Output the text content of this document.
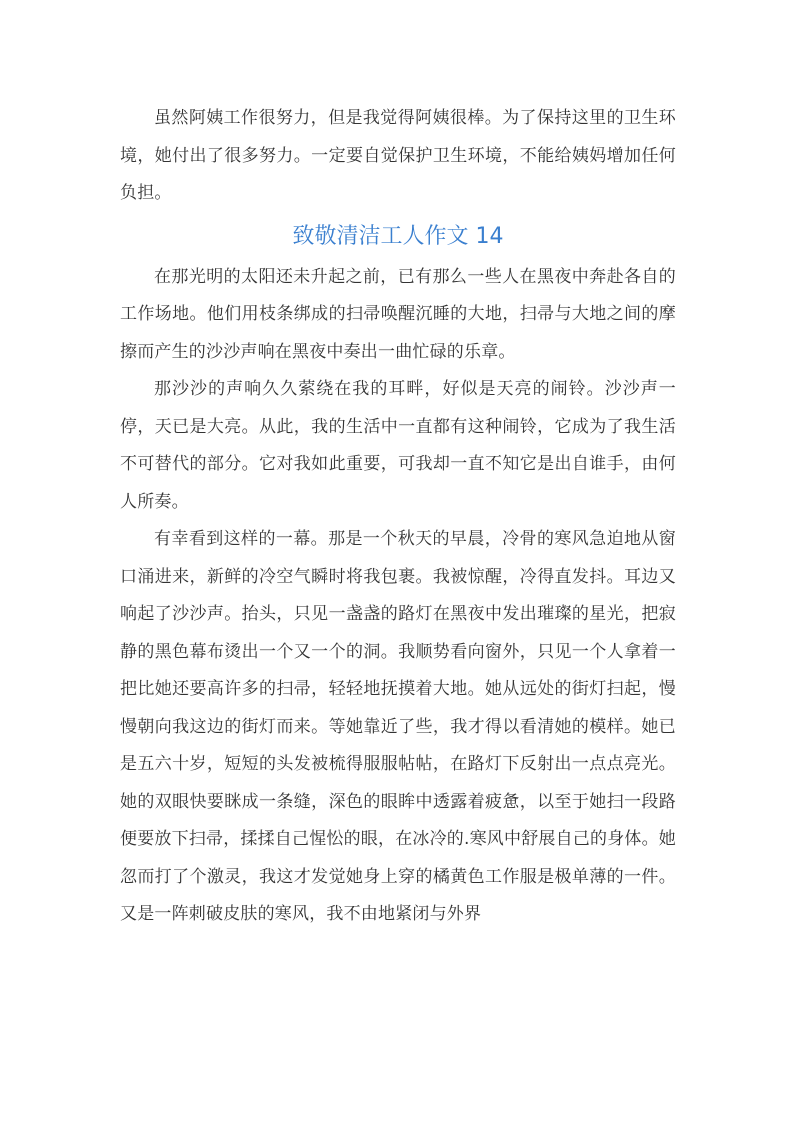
虽然阿姨工作很努力，但是我觉得阿姨很棒。为了保持这里的卫生环境，她付出了很多努力。一定要自觉保护卫生环境，不能给姨妈增加任何负担。

致敬清洁工人作文 14

在那光明的太阳还未升起之前，已有那么一些人在黑夜中奔赴各自的工作场地。他们用枝条绑成的扫帚唤醒沉睡的大地，扫帚与大地之间的摩擦而产生的沙沙声响在黑夜中奏出一曲忙碌的乐章。

那沙沙的声响久久萦绕在我的耳畔，好似是天亮的闹铃。沙沙声一停，天已是大亮。从此，我的生活中一直都有这种闹铃，它成为了我生活不可替代的部分。它对我如此重要，可我却一直不知它是出自谁手，由何人所奏。

有幸看到这样的一幕。那是一个秋天的早晨，冷骨的寒风急迫地从窗口涌进来，新鲜的冷空气瞬时将我包裹。我被惊醒，冷得直发抖。耳边又响起了沙沙声。抬头，只见一盏盏的路灯在黑夜中发出璀璨的星光，把寂静的黑色幕布烫出一个又一个的洞。我顺势看向窗外，只见一个人拿着一把比她还要高许多的扫帚，轻轻地抚摸着大地。她从远处的街灯扫起，慢慢朝向我这边的街灯而来。等她靠近了些，我才得以看清她的模样。她已是五六十岁，短短的头发被梳得服服帖帖，在路灯下反射出一点点亮光。她的双眼快要眯成一条缝，深色的眼眸中透露着疲惫，以至于她扫一段路便要放下扫帚，揉揉自己惺忪的眼，在冰冷的.寒风中舒展自己的身体。她忽而打了个激灵，我这才发觉她身上穿的橘黄色工作服是极单薄的一件。又是一阵刺破皮肤的寒风，我不由地紧闭与外界
